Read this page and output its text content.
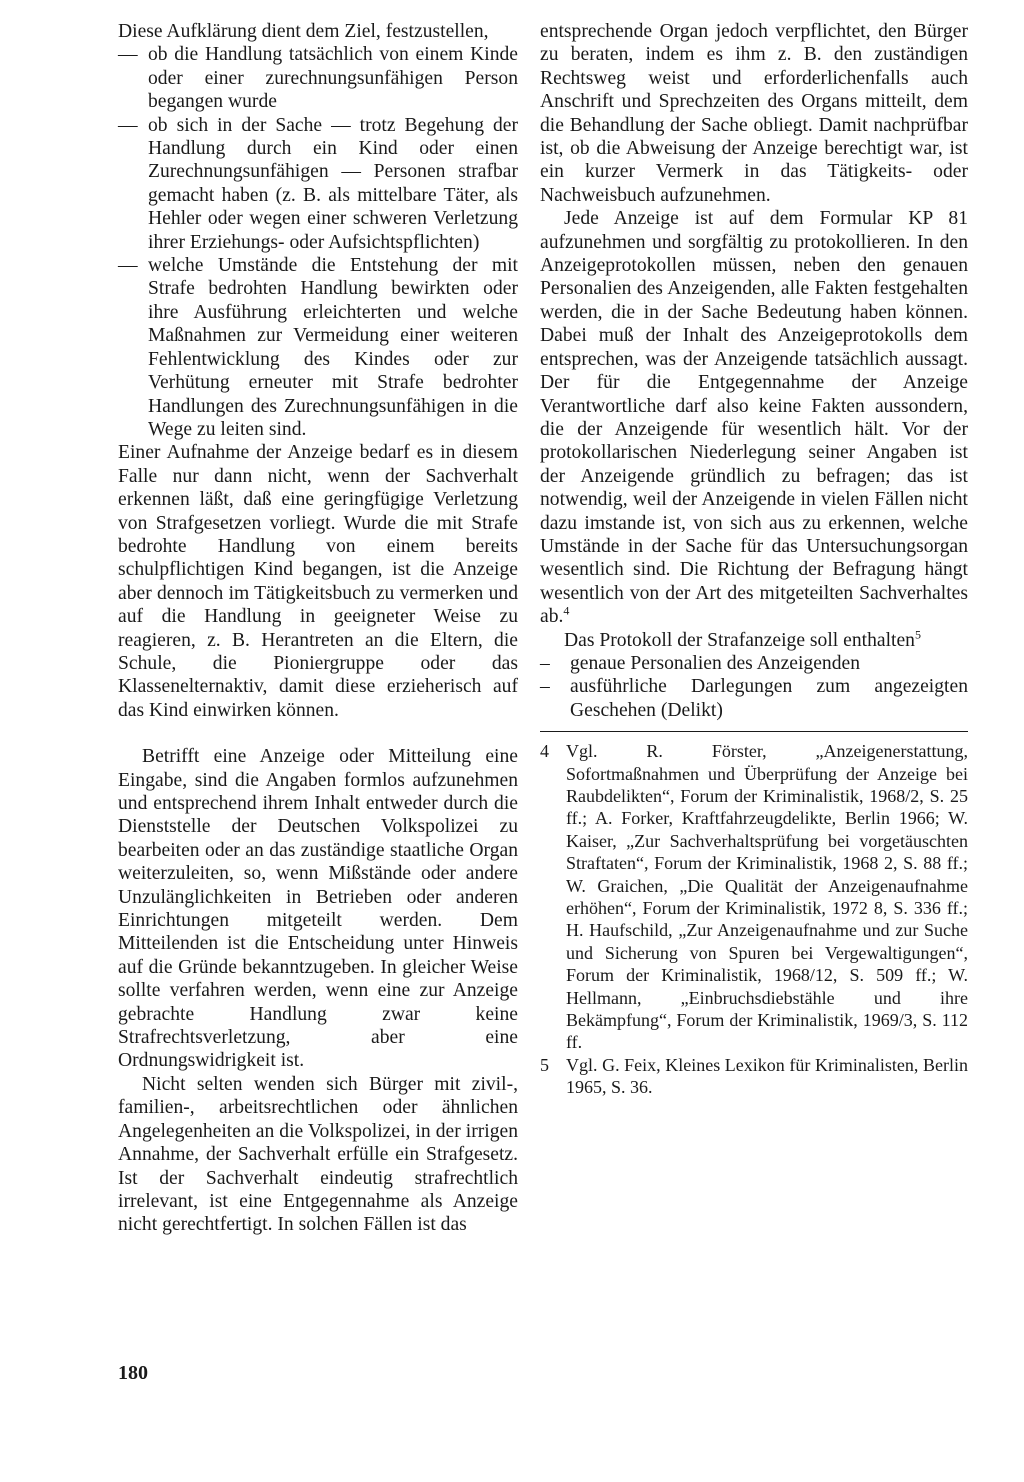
Diese Aufklärung dient dem Ziel, festzustellen,

— ob die Handlung tatsächlich von einem Kinde oder einer zurechnungsunfähigen Person begangen wurde
— ob sich in der Sache — trotz Begehung der Handlung durch ein Kind oder einen Zurechnungsunfähigen — Personen strafbar gemacht haben (z. B. als mittelbare Täter, als Hehler oder wegen einer schweren Verletzung ihrer Erziehungs- oder Aufsichtspflichten)
— welche Umstände die Entstehung der mit Strafe bedrohten Handlung bewirkten oder ihre Ausführung erleichterten und welche Maßnahmen zur Vermeidung einer weiteren Fehlentwicklung des Kindes oder zur Verhütung erneuter mit Strafe bedrohter Handlungen des Zurechnungsunfähigen in die Wege zu leiten sind.

Einer Aufnahme der Anzeige bedarf es in diesem Falle nur dann nicht, wenn der Sachverhalt erkennen läßt, daß eine geringfügige Verletzung von Strafgesetzen vorliegt. Wurde die mit Strafe bedrohte Handlung von einem bereits schulpflichtigen Kind begangen, ist die Anzeige aber dennoch im Tätigkeitsbuch zu vermerken und auf die Handlung in geeigneter Weise zu reagieren, z. B. Herantreten an die Eltern, die Schule, die Pioniergruppe oder das Klassenelternaktiv, damit diese erzieherisch auf das Kind einwirken können.

Betrifft eine Anzeige oder Mitteilung eine Eingabe, sind die Angaben formlos aufzunehmen und entsprechend ihrem Inhalt entweder durch die Dienststelle der Deutschen Volkspolizei zu bearbeiten oder an das zuständige staatliche Organ weiterzuleiten, so, wenn Mißstände oder andere Unzulänglichkeiten in Betrieben oder anderen Einrichtungen mitgeteilt werden. Dem Mitteilenden ist die Entscheidung unter Hinweis auf die Gründe bekanntzugeben. In gleicher Weise sollte verfahren werden, wenn eine zur Anzeige gebrachte Handlung zwar keine Strafrechtsverletzung, aber eine Ordnungswidrigkeit ist.

Nicht selten wenden sich Bürger mit zivil-, familien-, arbeitsrechtlichen oder ähnlichen Angelegenheiten an die Volkspolizei, in der irrigen Annahme, der Sachverhalt erfülle ein Strafgesetz. Ist der Sachverhalt eindeutig strafrechtlich irrelevant, ist eine Entgegennahme als Anzeige nicht gerechtfertigt. In solchen Fällen ist das

entsprechende Organ jedoch verpflichtet, den Bürger zu beraten, indem es ihm z. B. den zuständigen Rechtsweg weist und erforderlichenfalls auch Anschrift und Sprechzeiten des Organs mitteilt, dem die Behandlung der Sache obliegt. Damit nachprüfbar ist, ob die Abweisung der Anzeige berechtigt war, ist ein kurzer Vermerk in das Tätigkeits- oder Nachweisbuch aufzunehmen.

Jede Anzeige ist auf dem Formular KP 81 aufzunehmen und sorgfältig zu protokollieren. In den Anzeigeprotokollen müssen, neben den genauen Personalien des Anzeigenden, alle Fakten festgehalten werden, die in der Sache Bedeutung haben können. Dabei muß der Inhalt des Anzeigeprotokolls dem entsprechen, was der Anzeigende tatsächlich aussagt. Der für die Entgegennahme der Anzeige Verantwortliche darf also keine Fakten aussondern, die der Anzeigende für wesentlich hält. Vor der protokollarischen Niederlegung seiner Angaben ist der Anzeigende gründlich zu befragen; das ist notwendig, weil der Anzeigende in vielen Fällen nicht dazu imstande ist, von sich aus zu erkennen, welche Umstände in der Sache für das Untersuchungsorgan wesentlich sind. Die Richtung der Befragung hängt wesentlich von der Art des mitgeteilten Sachverhaltes ab.$^4$

Das Protokoll der Strafanzeige soll enthalten$^5$

– genaue Personalien des Anzeigenden
– ausführliche Darlegungen zum angezeigten Geschehen (Delikt)
4 Vgl. R. Förster, „Anzeigenerstattung, Sofortmaßnahmen und Überprüfung der Anzeige bei Raubdelikten“, Forum der Kriminalistik, 1968/2, S. 25 ff.; A. Forker, Kraftfahrzeugdelikte, Berlin 1966; W. Kaiser, „Zur Sachverhaltsprüfung bei vorgetäuschten Straftaten“, Forum der Kriminalistik, 1968 2, S. 88 ff.; W. Graichen, „Die Qualität der Anzeigenaufnahme erhöhen“, Forum der Kriminalistik, 1972 8, S. 336 ff.; H. Haufschild, „Zur Anzeigenaufnahme und zur Suche und Sicherung von Spuren bei Vergewaltigungen“, Forum der Kriminalistik, 1968/12, S. 509 ff.; W. Hellmann, „Einbruchsdiebstähle und ihre Bekämpfung“, Forum der Kriminalistik, 1969/3, S. 112 ff.
5 Vgl. G. Feix, Kleines Lexikon für Kriminalisten, Berlin 1965, S. 36.
180
